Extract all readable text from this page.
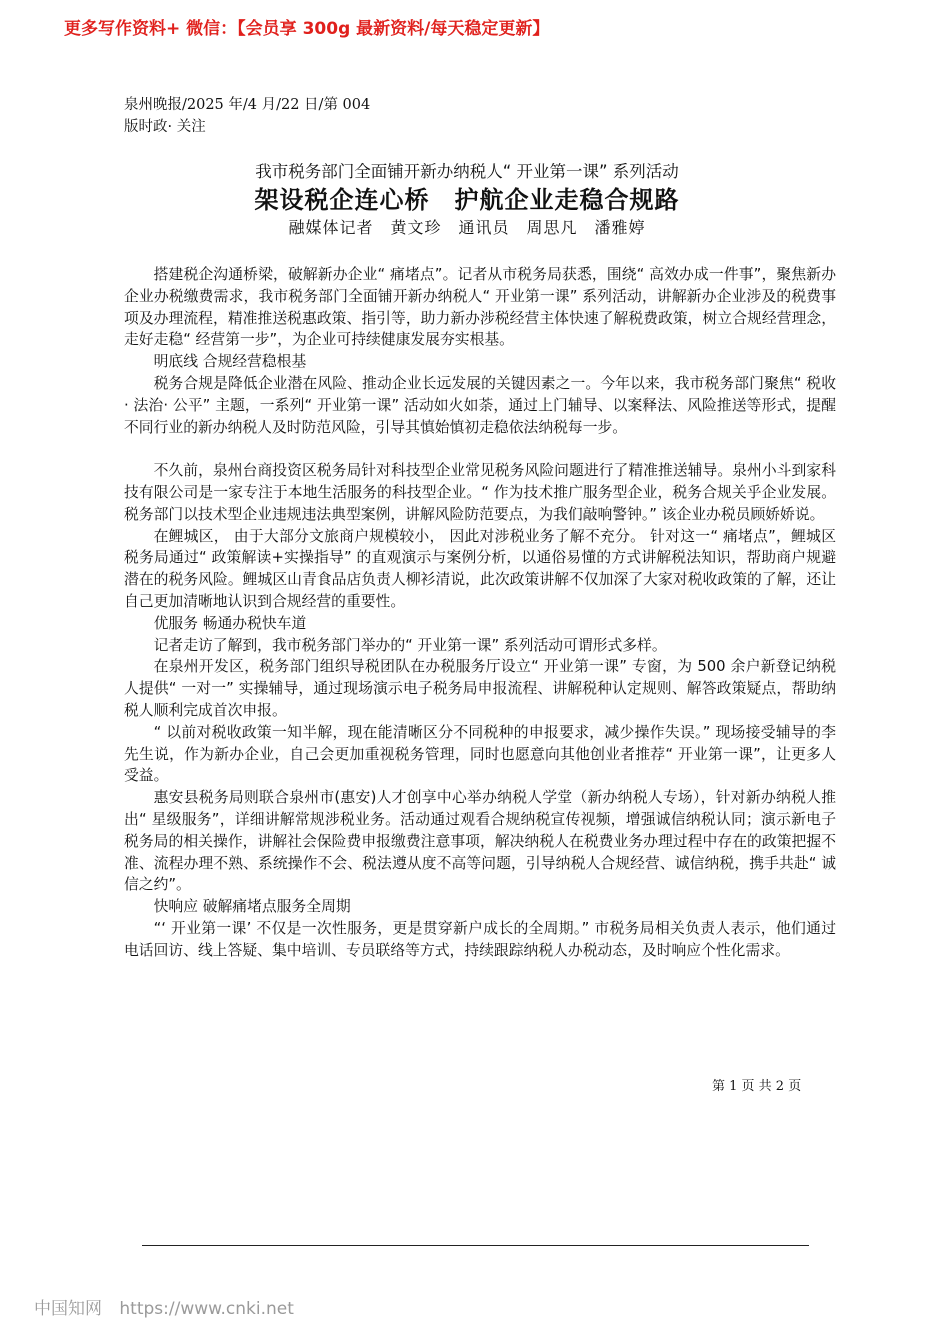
更多写作资料+ 微信：【会员享 300g 最新资料/每天稳定更新】
泉州晚报/2025 年/4 月/22 日/第 004
版时政· 关注
我市税务部门全面铺开新办纳税人“ 开业第一课” 系列活动
架设税企连心桥　护航企业走稳合规路
融媒体记者　黄文珍　通讯员　周思凡　潘雅婷

搭建税企沟通桥梁，破解新办企业“ 痛堵点”。记者从市税务局获悉，围绕“ 高效办成一件事”，聚焦新办企业办税缴费需求，我市税务部门全面铺开新办纳税人“ 开业第一课” 系列活动，讲解新办企业涉及的税费事项及办理流程，精准推送税惠政策、指引等，助力新办涉税经营主体快速了解税费政策，树立合规经营理念，走好走稳“ 经营第一步”，为企业可持续健康发展夯实根基。

明底线 合规经营稳根基

税务合规是降低企业潜在风险、推动企业长远发展的关键因素之一。今年以来，我市税务部门聚焦“ 税收· 法治· 公平” 主题，一系列“ 开业第一课” 活动如火如荼，通过上门辅导、以案释法、风险推送等形式，提醒不同行业的新办纳税人及时防范风险，引导其慎始慎初走稳依法纳税每一步。

不久前，泉州台商投资区税务局针对科技型企业常见税务风险问题进行了精准推送辅导。泉州小斗到家科技有限公司是一家专注于本地生活服务的科技型企业。“ 作为技术推广服务型企业，税务合规关乎企业发展。税务部门以技术型企业违规违法典型案例，讲解风险防范要点，为我们敲响警钟。” 该企业办税员顾娇娇说。

在鲤城区， 由于大部分文旅商户规模较小， 因此对涉税业务了解不充分。 针对这一“ 痛堵点”，鲤城区税务局通过“ 政策解读+实操指导” 的直观演示与案例分析，以通俗易懂的方式讲解税法知识，帮助商户规避潜在的税务风险。鲤城区山青食品店负责人柳衫清说，此次政策讲解不仅加深了大家对税收政策的了解，还让自己更加清晰地认识到合规经营的重要性。

优服务 畅通办税快车道

记者走访了解到，我市税务部门举办的“ 开业第一课” 系列活动可谓形式多样。

在泉州开发区，税务部门组织导税团队在办税服务厅设立“ 开业第一课” 专窗，为 500 余户新登记纳税人提供“ 一对一” 实操辅导，通过现场演示电子税务局申报流程、讲解税种认定规则、解答政策疑点，帮助纳税人顺利完成首次申报。

“ 以前对税收政策一知半解，现在能清晰区分不同税种的申报要求，减少操作失误。” 现场接受辅导的李先生说，作为新办企业，自己会更加重视税务管理，同时也愿意向其他创业者推荐“ 开业第一课”，让更多人受益。

惠安县税务局则联合泉州市(惠安)人才创享中心举办纳税人学堂（新办纳税人专场），针对新办纳税人推出“ 星级服务”，详细讲解常规涉税业务。活动通过观看合规纳税宣传视频，增强诚信纳税认同；演示新电子税务局的相关操作，讲解社会保险费申报缴费注意事项，解决纳税人在税费业务办理过程中存在的政策把握不准、流程办理不熟、系统操作不会、税法遵从度不高等问题，引导纳税人合规经营、诚信纳税，携手共赴“ 诚信之约”。

快响应 破解痛堵点服务全周期

“‘ 开业第一课’ 不仅是一次性服务，更是贯穿新户成长的全周期。” 市税务局相关负责人表示，他们通过电话回访、线上答疑、集中培训、专员联络等方式，持续跟踪纳税人办税动态，及时响应个性化需求。

第 1 页 共 2 页
中国知网 https://www.cnki.net
